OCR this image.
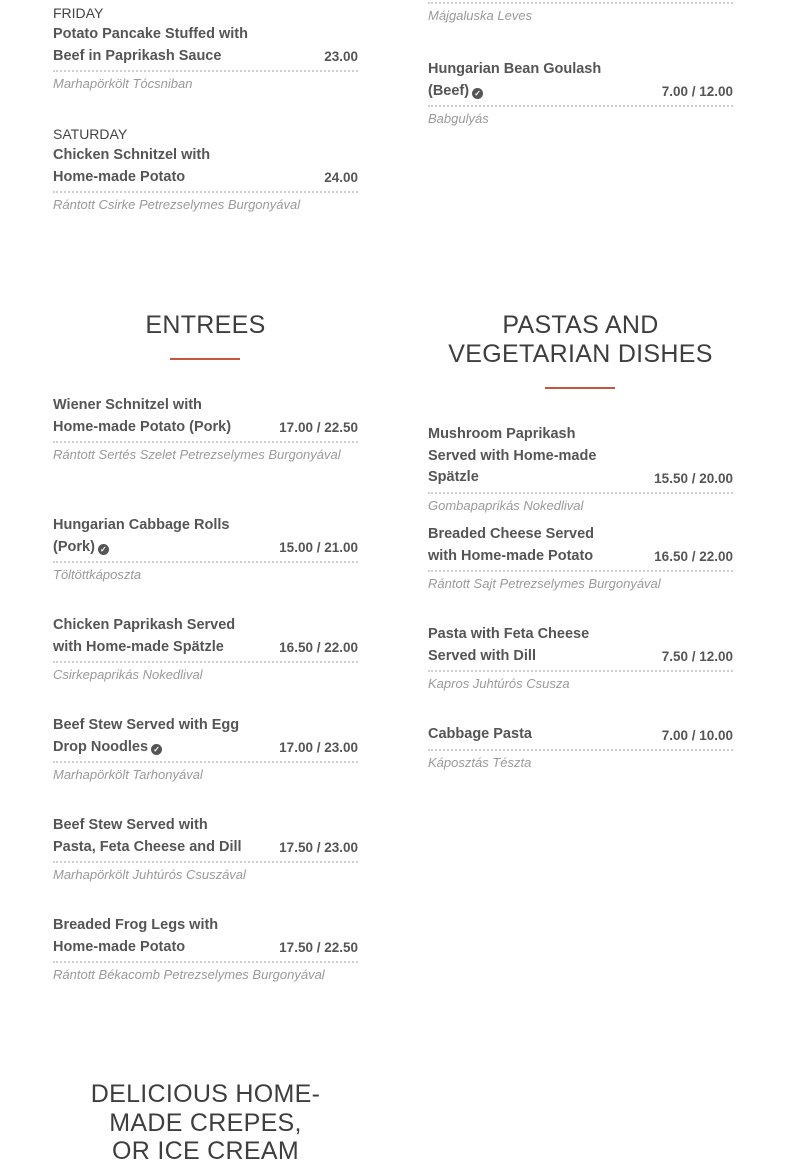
FRIDAY
Potato Pancake Stuffed with Beef in Paprikash Sauce	23.00
Marhapörkölt Tócsniban
SATURDAY
Chicken Schnitzel with Home-made Potato	24.00
Rántott Csirke Petrezselymes Burgonyával
Májgaluska Leves
Hungarian Bean Goulash (Beef) ✓	7.00 / 12.00
Babgulyás
ENTREES
Wiener Schnitzel with Home-made Potato (Pork)	17.00 / 22.50
Rántott Sertés Szelet Petrezselymes Burgonyával
Hungarian Cabbage Rolls (Pork) ✓	15.00 / 21.00
Töltöttkáposzta
Chicken Paprikash Served with Home-made Spätzle	16.50 / 22.00
Csirkepaprikás Nokedlival
Beef Stew Served with Egg Drop Noodles ✓	17.00 / 23.00
Marhapörkölt Tarhonyával
Beef Stew Served with Pasta, Feta Cheese and Dill	17.50 / 23.00
Marhapörkölt Juhtúrós Csuszával
Breaded Frog Legs with Home-made Potato	17.50 / 22.50
Rántott Békacomb Petrezselymes Burgonyával
PASTAS AND
VEGETARIAN DISHES
Mushroom Paprikash Served with Home-made Spätzle	15.50 / 20.00
Gombapaprikás Nokedlival
Breaded Cheese Served with Home-made Potato	16.50 / 22.00
Rántott Sajt Petrezselymes Burgonyával
Pasta with Feta Cheese Served with Dill	7.50 / 12.00
Kapros Juhtúrós Csusza
Cabbage Pasta	7.00 / 10.00
Káposztás Tészta
DELICIOUS HOME-
MADE CREPES,
OR ICE CREAM
